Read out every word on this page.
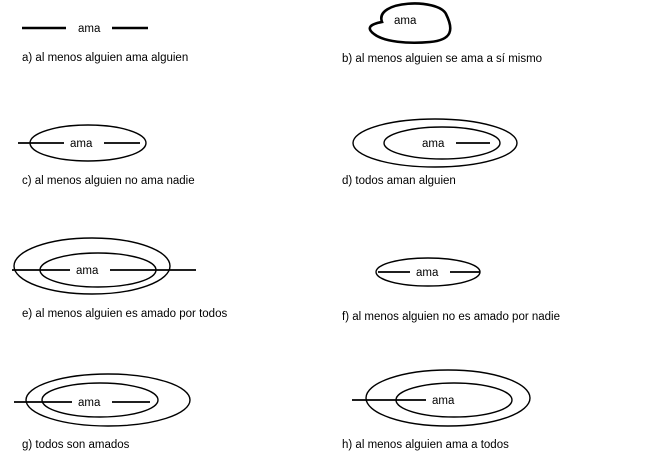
ama
a) al menos alguien ama alguien
ama
b) al menos alguien se ama a sí mismo
ama
c) al menos alguien no ama nadie
ama
d) todos aman alguien
ama
e) al menos alguien es amado por todos
ama
f) al menos alguien no es amado por nadie
ama
g) todos son amados
ama
h) al menos alguien ama a todos
